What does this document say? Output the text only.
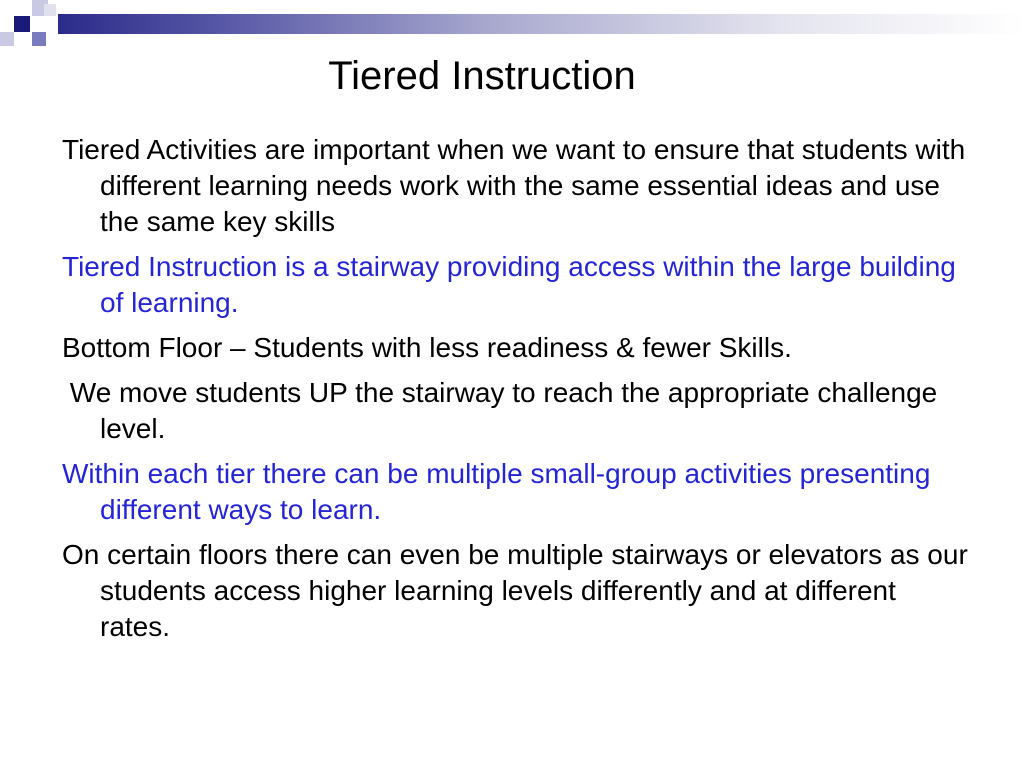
Tiered Instruction
Tiered Activities are important when we want to ensure that students with different learning needs work with the same essential ideas and use the same key skills
Tiered Instruction is a stairway providing access within the large building of learning.
Bottom Floor – Students with less readiness & fewer Skills.
We move students UP the stairway to reach the appropriate challenge level.
Within each tier there can be multiple small-group activities presenting different ways to learn.
On certain floors there can even be multiple stairways or elevators as our students access higher learning levels differently and at different rates.
